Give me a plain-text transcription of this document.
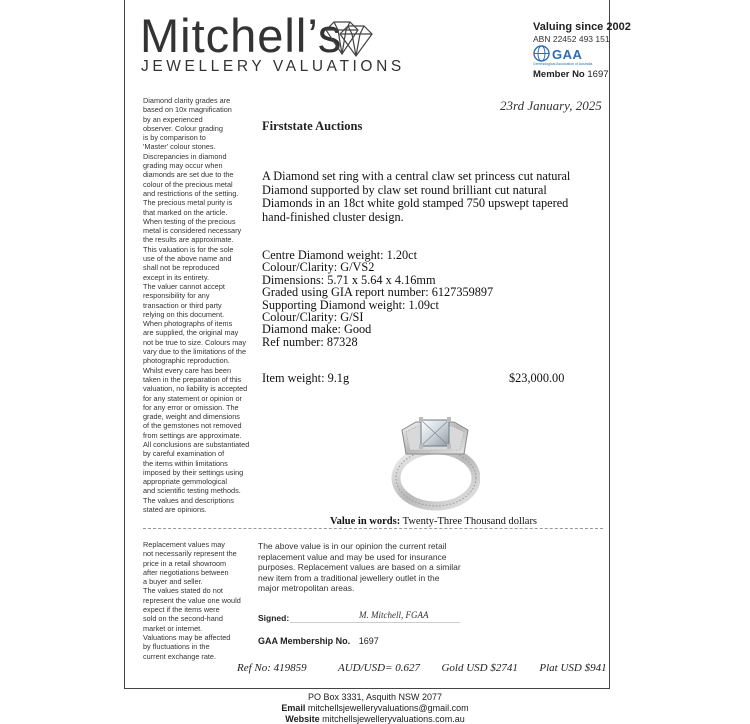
Mitchell’s
JEWELLERY VALUATIONS
Valuing since 2002
ABN 22452 493 151
GAA
Gemmological Association of Australia
Member No 1697

Diamond clarity grades are

based on 10x magnification

by an experienced

observer. Colour grading

is by comparison to

'Master' colour stones.

Discrepancies in diamond

grading may occur when

diamonds are set due to the

colour of the precious metal

and restrictions of the setting.

The precious metal purity is

that marked on the article.

When testing of the precious

metal is considered necessary

the results are approximate.

This valuation is for the sole

use of the above name and

shall not be reproduced

except in its entirety.

The valuer cannot accept

responsibility for any

transaction or third party

relying on this document.

When photographs of items

are supplied, the original may

not be true to size. Colours may

vary due to the limitations of the

photographic reproduction.

Whilst every care has been

taken in the preparation of this

valuation, no liability is accepted

for any statement or opinion or

for any error or omission. The

grade, weight and dimensions

of the gemstones not removed

from settings are approximate.

All conclusions are substantiated

by careful examination of

the items within limitations

imposed by their settings using

appropriate gemmological

and scientific testing methods.

The values and descriptions

stated are opinions.

Replacement values may

not necessarily represent the

price in a retail showroom

after negotiations between

a buyer and seller.

The values stated do not

represent the value one would

expect if the items were

sold on the second-hand

market or internet.

Valuations may be affected

by fluctuations in the

current exchange rate.

23rd January, 2025
Firststate Auctions
A Diamond set ring with a central claw set princess cut natural
Diamond supported by claw set round brilliant cut natural
Diamonds in an 18ct white gold stamped 750 upswept tapered
hand-finished cluster design.
Centre Diamond weight: 1.20ct
Colour/Clarity: G/VS2
Dimensions: 5.71 x 5.64 x 4.16mm
Graded using GIA report number: 6127359897
Supporting Diamond weight: 1.09ct
Colour/Clarity: G/SI
Diamond make: Good
Ref number: 87328
Item weight: 9.1g	$23,000.00
Value in words: Twenty-Three Thousand dollars
The above value is in our opinion the current retail
replacement value and may be used for insurance
purposes. Replacement values are based on a similar
new item from a traditional jewellery outlet in the
major metropolitan areas.
Signed:	M. Mitchell, FGAA
GAA Membership No. 1697
Ref No: 419859	AUD/USD= 0.627 Gold USD $2741 Plat USD $941
PO Box 3331, Asquith NSW 2077
Email mitchellsjewelleryvaluations@gmail.com
Website mitchellsjewelleryvaluations.com.au
